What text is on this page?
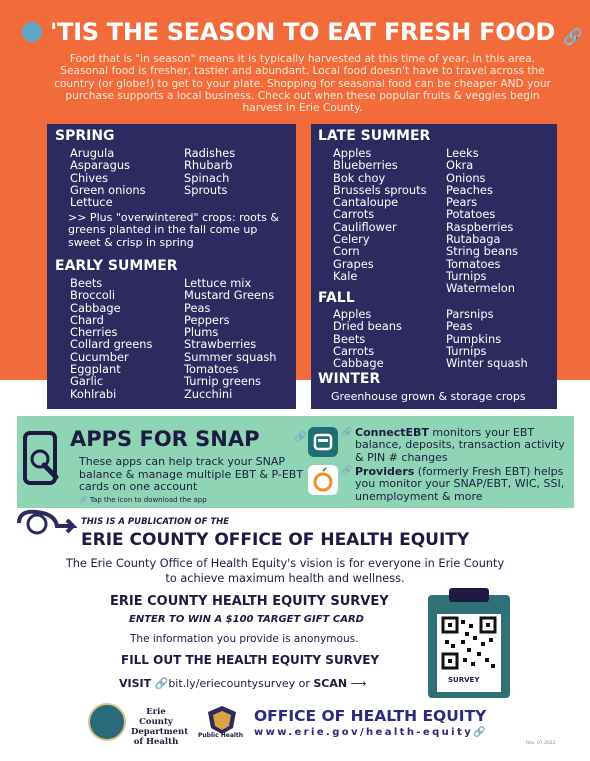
'TIS THE SEASON TO EAT FRESH FOOD 🔗
Food that is "in season" means it is typically harvested at this time of year, in this area. Seasonal food is fresher, tastier and abundant. Local food doesn't have to travel across the country (or globe!) to get to your plate. Shopping for seasonal food can be cheaper AND your purchase supports a local business. Check out when these popular fruits & veggies begin harvest in Erie County.
SPRING
Arugula
Asparagus
Chives
Green onions
Lettuce
Radishes
Rhubarb
Spinach
Sprouts
>> Plus "overwintered" crops: roots & greens planted in the fall come up sweet & crisp in spring
EARLY SUMMER
Beets
Broccoli
Cabbage
Chard
Cherries
Collard greens
Cucumber
Eggplant
Garlic
Kohlrabi
Lettuce mix
Mustard Greens
Peas
Peppers
Plums
Strawberries
Summer squash
Tomatoes
Turnip greens
Zucchini
LATE SUMMER
Apples
Blueberries
Bok choy
Brussels sprouts
Cantaloupe
Carrots
Cauliflower
Celery
Corn
Grapes
Kale
Leeks
Okra
Onions
Peaches
Pears
Potatoes
Raspberries
Rutabaga
String beans
Tomatoes
Turnips
Watermelon
FALL
Apples
Dried beans
Beets
Carrots
Cabbage
Parsnips
Peas
Pumpkins
Turnips
Winter squash
WINTER
Greenhouse grown & storage crops
APPS FOR SNAP	🔗
These apps can help track your SNAP balance & manage multiple EBT & P-EBT cards on one account
🔗 Tap the icon to download the app
🔗 ConnectEBT monitors your EBT balance, deposits, transaction activity & PIN # changes
🔗 Providers (formerly Fresh EBT) helps you monitor your SNAP/EBT, WIC, SSI, unemployment & more
THIS IS A PUBLICATION OF THE
ERIE COUNTY OFFICE OF HEALTH EQUITY
The Erie County Office of Health Equity's vision is for everyone in Erie County to achieve maximum health and wellness.
ERIE COUNTY HEALTH EQUITY SURVEY
ENTER TO WIN A $100 TARGET GIFT CARD
The information you provide is anonymous.
FILL OUT THE HEALTH EQUITY SURVEY
VISIT 🔗bit.ly/eriecountysurvey or SCAN ⟶	SURVEY
Erie County Department of Health
Public Health
OFFICE OF HEALTH EQUITY
www.erie.gov/health-equity🔗
Rev. 07.2022
